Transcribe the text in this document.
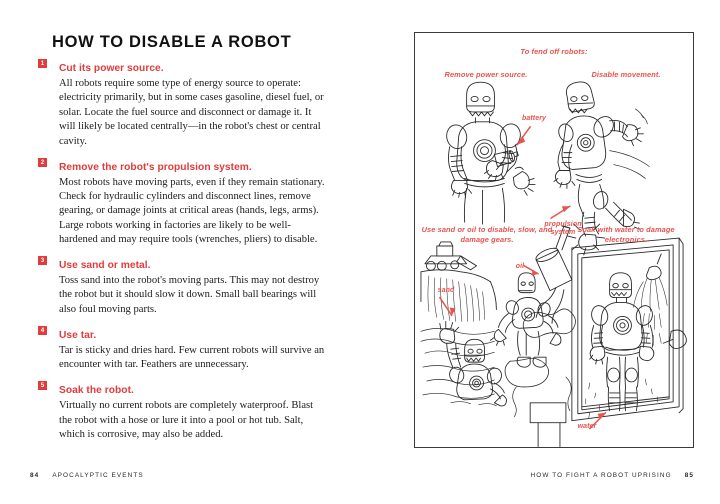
HOW TO DISABLE A ROBOT
1 Cut its power source.
All robots require some type of energy source to operate: electricity primarily, but in some cases gasoline, diesel fuel, or solar. Locate the fuel source and disconnect or damage it. It will likely be located centrally—in the robot's chest or central cavity.
2 Remove the robot's propulsion system.
Most robots have moving parts, even if they remain stationary. Check for hydraulic cylinders and disconnect lines, remove gearing, or damage joints at critical areas (hands, legs, arms). Large robots working in factories are likely to be well-hardened and may require tools (wrenches, pliers) to disable.
3 Use sand or metal.
Toss sand into the robot's moving parts. This may not destroy the robot but it should slow it down. Small ball bearings will also foul moving parts.
4 Use tar.
Tar is sticky and dries hard. Few current robots will survive an encounter with tar. Feathers are unnecessary.
5 Soak the robot.
Virtually no current robots are completely waterproof. Blast the robot with a hose or lure it into a pool or hot tub. Salt, which is corrosive, may also be added.
84 APOCALYPTIC EVENTS
To fend off robots:
Remove power source.	Disable movement.
Use sand or oil to disable, slow, and damage gears.
Soak with water to damage electronics.
battery
propulsion system
sand
oil
water
HOW TO FIGHT A ROBOT UPRISING 85
